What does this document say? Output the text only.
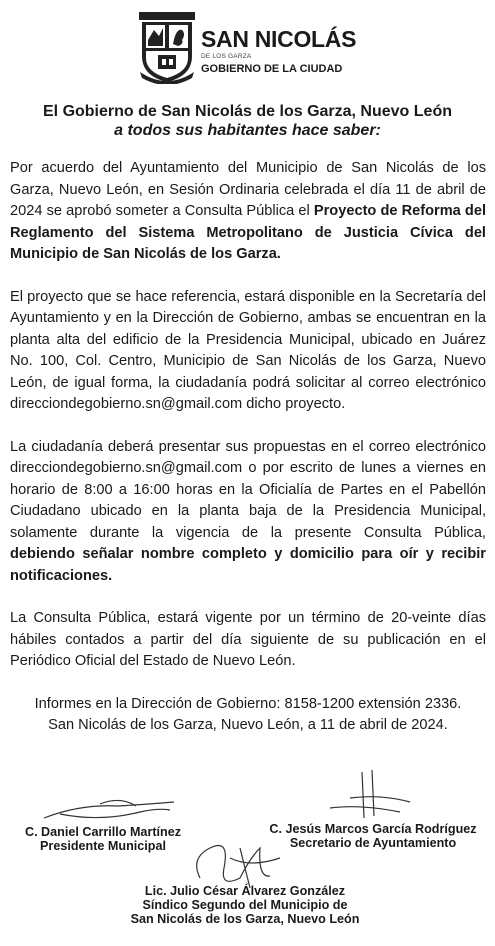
SAN NICOLÁS
DE LOS GARZA
GOBIERNO DE LA CIUDAD
El Gobierno de San Nicolás de los Garza, Nuevo León
a todos sus habitantes hace saber:

Por acuerdo del Ayuntamiento del Municipio de San Nicolás de los Garza, Nuevo León, en Sesión Ordinaria celebrada el día 11 de abril de 2024 se aprobó someter a Consulta Pública el Proyecto de Reforma del Reglamento del Sistema Metropolitano de Justicia Cívica del Municipio de San Nicolás de los Garza.

El proyecto que se hace referencia, estará disponible en la Secretaría del Ayuntamiento y en la Dirección de Gobierno, ambas se encuentran en la planta alta del edificio de la Presidencia Municipal, ubicado en Juárez No. 100, Col. Centro, Municipio de San Nicolás de los Garza, Nuevo León, de igual forma, la ciudadanía podrá solicitar al correo electrónico direcciondegobierno.sn@gmail.com dicho proyecto.

La ciudadanía deberá presentar sus propuestas en el correo electrónico direcciondegobierno.sn@gmail.com o por escrito de lunes a viernes en horario de 8:00 a 16:00 horas en la Oficialía de Partes en el Pabellón Ciudadano ubicado en la planta baja de la Presidencia Municipal, solamente durante la vigencia de la presente Consulta Pública, debiendo señalar nombre completo y domicilio para oír y recibir notificaciones.

La Consulta Pública, estará vigente por un término de 20-veinte días hábiles contados a partir del día siguiente de su publicación en el Periódico Oficial del Estado de Nuevo León.

Informes en la Dirección de Gobierno: 8158-1200 extensión 2336.
San Nicolás de los Garza, Nuevo León, a 11 de abril de 2024.

C. Daniel Carrillo Martínez
Presidente Municipal
C. Jesús Marcos García Rodríguez
Secretario de Ayuntamiento
Lic. Julio César Álvarez González
Síndico Segundo del Municipio de
San Nicolás de los Garza, Nuevo León
